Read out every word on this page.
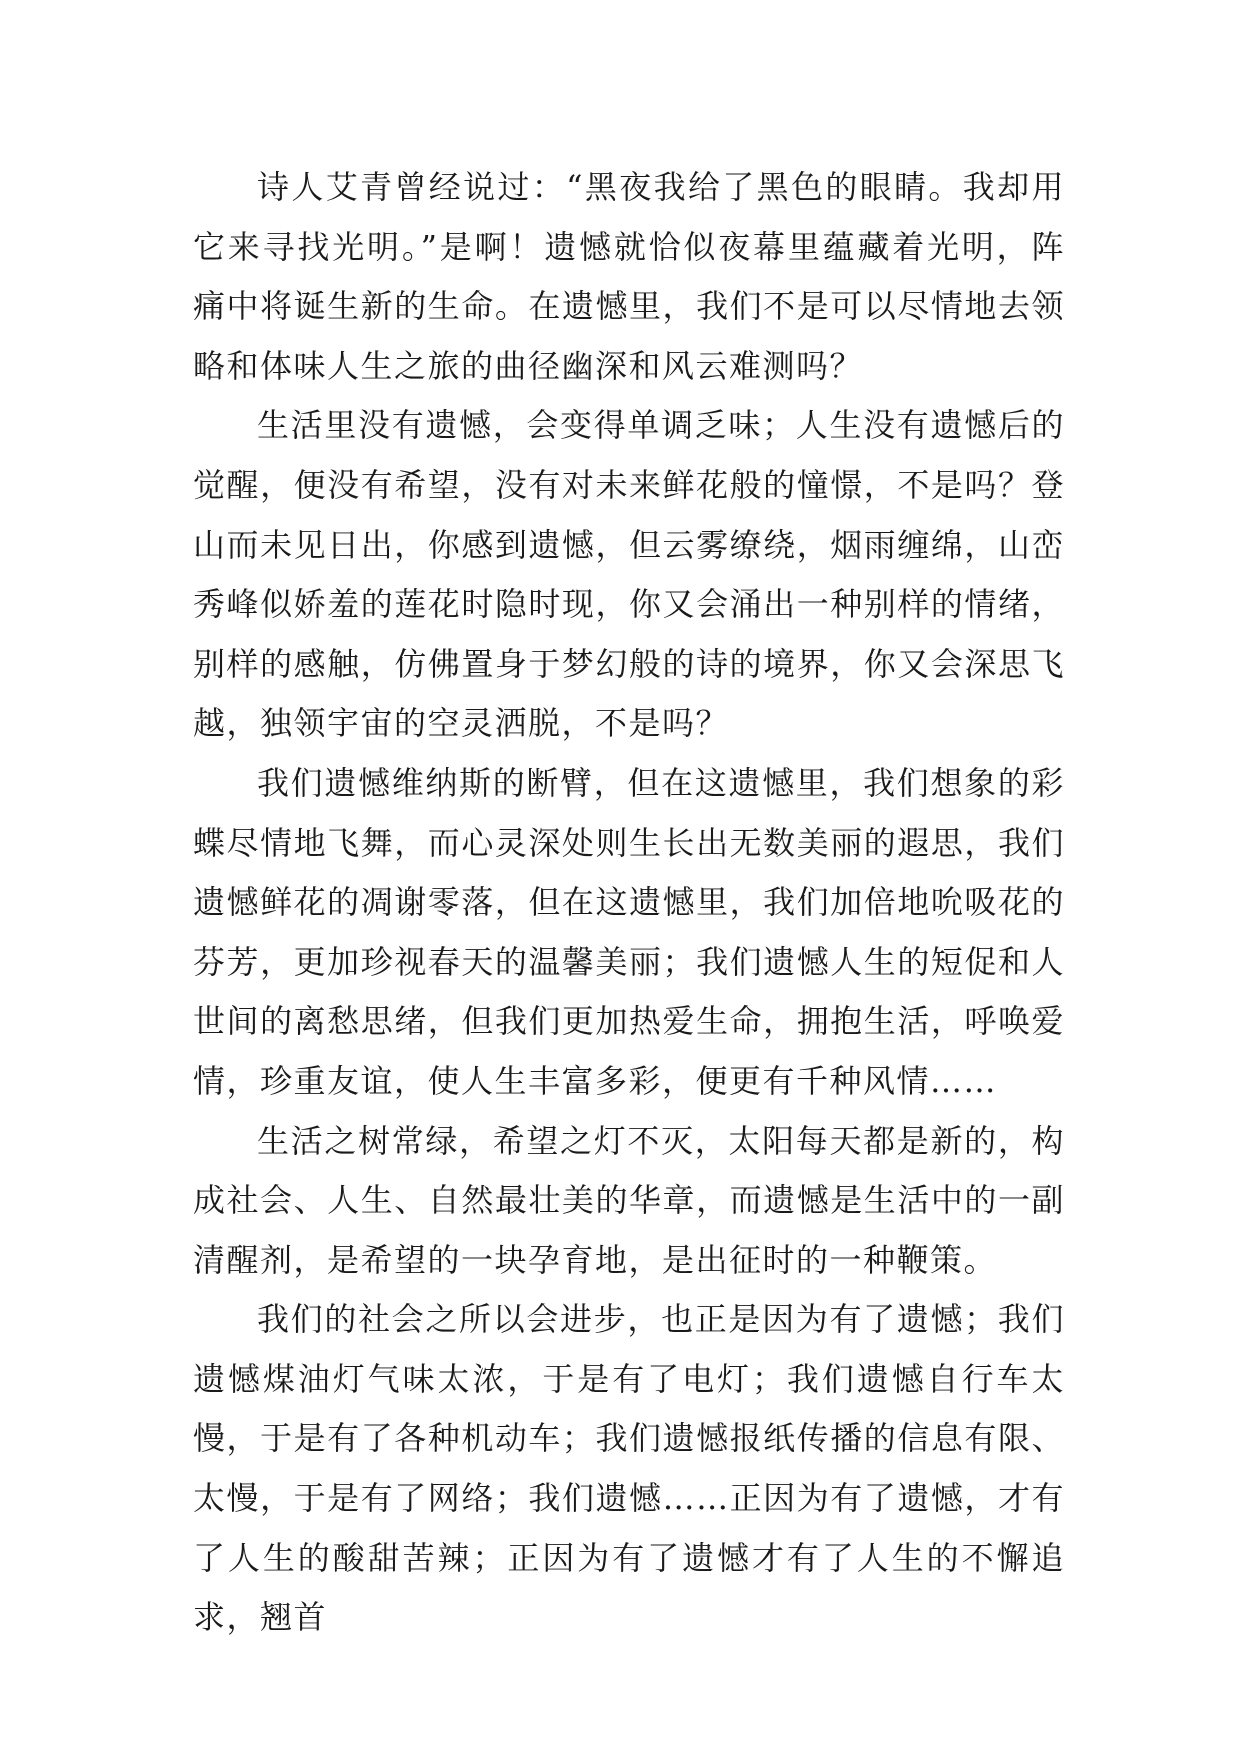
诗人艾青曾经说过：“黑夜我给了黑色的眼睛。我却用它来寻找光明。”是啊！遗憾就恰似夜幕里蕴藏着光明，阵痛中将诞生新的生命。在遗憾里，我们不是可以尽情地去领略和体味人生之旅的曲径幽深和风云难测吗？

生活里没有遗憾，会变得单调乏味；人生没有遗憾后的觉醒，便没有希望，没有对未来鲜花般的憧憬，不是吗？登山而未见日出，你感到遗憾，但云雾缭绕，烟雨缠绵，山峦秀峰似娇羞的莲花时隐时现，你又会涌出一种别样的情绪，别样的感触，仿佛置身于梦幻般的诗的境界，你又会深思飞越，独领宇宙的空灵洒脱，不是吗？

我们遗憾维纳斯的断臂，但在这遗憾里，我们想象的彩蝶尽情地飞舞，而心灵深处则生长出无数美丽的遐思，我们遗憾鲜花的凋谢零落，但在这遗憾里，我们加倍地吮吸花的芬芳，更加珍视春天的温馨美丽；我们遗憾人生的短促和人世间的离愁思绪，但我们更加热爱生命，拥抱生活，呼唤爱情，珍重友谊，使人生丰富多彩，便更有千种风情……

生活之树常绿，希望之灯不灭，太阳每天都是新的，构成社会、人生、自然最壮美的华章，而遗憾是生活中的一副清醒剂，是希望的一块孕育地，是出征时的一种鞭策。

我们的社会之所以会进步，也正是因为有了遗憾；我们遗憾煤油灯气味太浓，于是有了电灯；我们遗憾自行车太慢，于是有了各种机动车；我们遗憾报纸传播的信息有限、太慢，于是有了网络；我们遗憾……正因为有了遗憾，才有了人生的酸甜苦辣；正因为有了遗憾才有了人生的不懈追求，翘首
